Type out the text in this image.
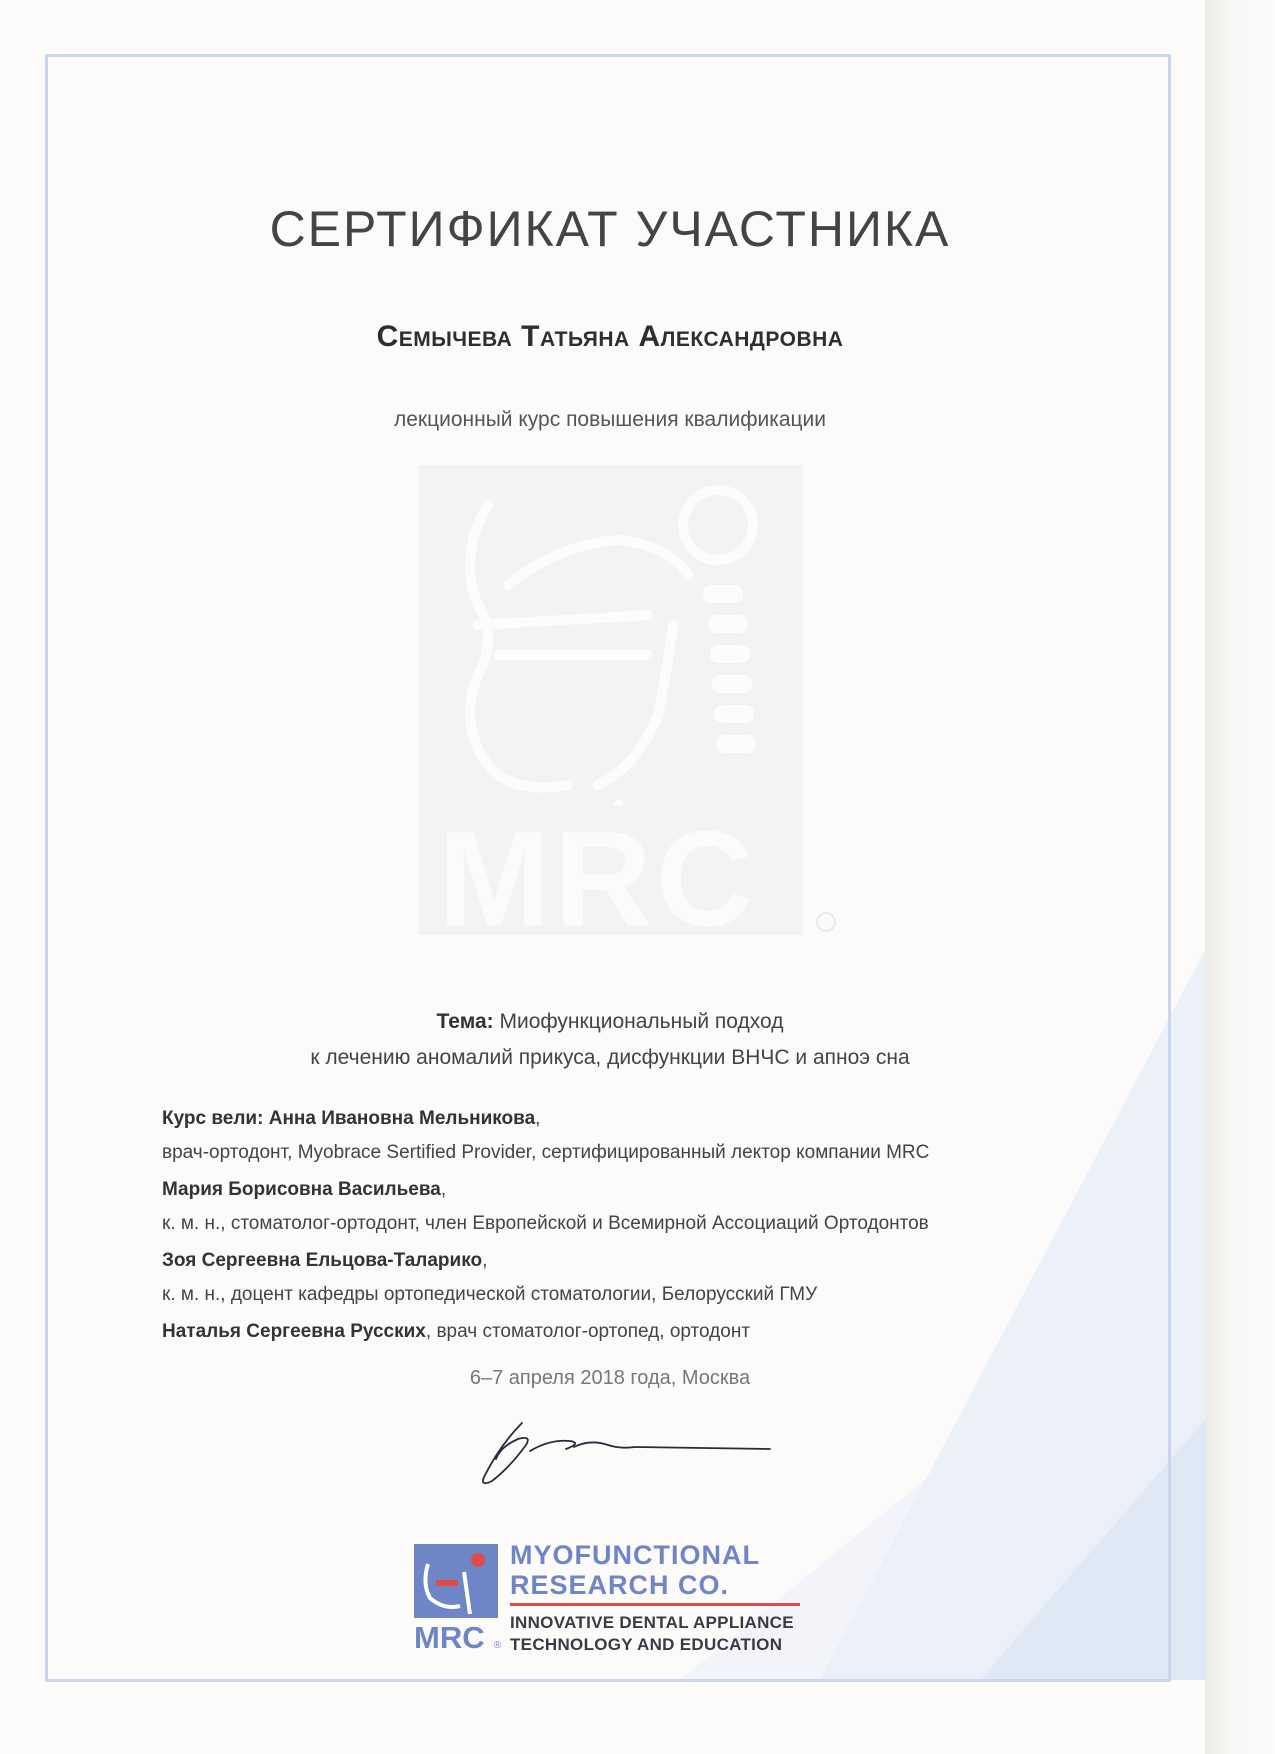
СЕРТИФИКАТ УЧАСТНИКА
Семычева Татьяна Александровна
лекционный курс повышения квалификации
MRC
Тема: Миофункциональный подход
к лечению аномалий прикуса, дисфункции ВНЧС и апноэ сна
Курс вели: Анна Ивановна Мельникова,
врач-ортодонт, Myobrace Sertified Provider, сертифицированный лектор компании MRC
Мария Борисовна Васильева,
к. м. н., стоматолог-ортодонт, член Европейской и Всемирной Ассоциаций Ортодонтов
Зоя Сергеевна Ельцова-Таларико,
к. м. н., доцент кафедры ортопедической стоматологии, Белорусский ГМУ
Наталья Сергеевна Русских, врач стоматолог-ортопед, ортодонт
6–7 апреля 2018 года, Москва
MRC ®
MYOFUNCTIONAL
RESEARCH CO.
INNOVATIVE DENTAL APPLIANCE
TECHNOLOGY AND EDUCATION
